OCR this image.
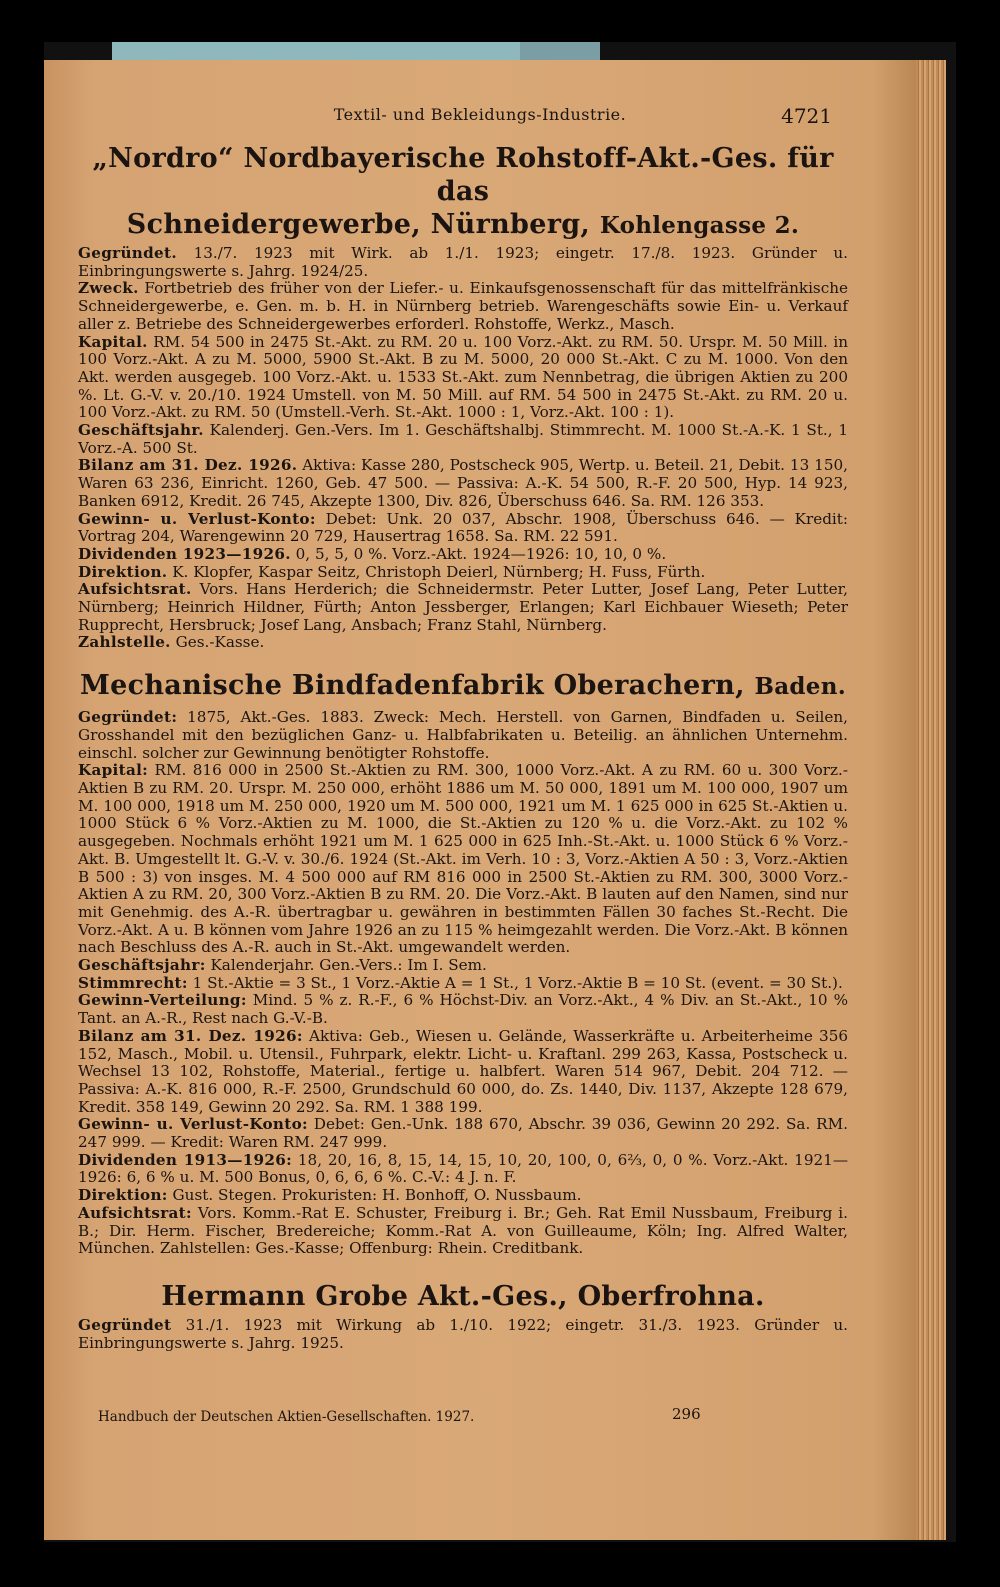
Textil- und Bekleidungs-Industrie.	4721
„Nordro“ Nordbayerische Rohstoff-Akt.-Ges. für das
Schneidergewerbe, Nürnberg, Kohlengasse 2.

Gegründet. 13./7. 1923 mit Wirk. ab 1./1. 1923; eingetr. 17./8. 1923. Gründer u. Einbringungswerte s. Jahrg. 1924/25.

Zweck. Fortbetrieb des früher von der Liefer.- u. Einkaufsgenossenschaft für das mittelfränkische Schneidergewerbe, e. Gen. m. b. H. in Nürnberg betrieb. Warengeschäfts sowie Ein- u. Verkauf aller z. Betriebe des Schneidergewerbes erforderl. Rohstoffe, Werkz., Masch.

Kapital. RM. 54 500 in 2475 St.-Akt. zu RM. 20 u. 100 Vorz.-Akt. zu RM. 50. Urspr. M. 50 Mill. in 100 Vorz.-Akt. A zu M. 5000, 5900 St.-Akt. B zu M. 5000, 20 000 St.-Akt. C zu M. 1000. Von den Akt. werden ausgegeb. 100 Vorz.-Akt. u. 1533 St.-Akt. zum Nennbetrag, die übrigen Aktien zu 200 %. Lt. G.-V. v. 20./10. 1924 Umstell. von M. 50 Mill. auf RM. 54 500 in 2475 St.-Akt. zu RM. 20 u. 100 Vorz.-Akt. zu RM. 50 (Umstell.-Verh. St.-Akt. 1000 : 1, Vorz.-Akt. 100 : 1).

Geschäftsjahr. Kalenderj. Gen.-Vers. Im 1. Geschäftshalbj. Stimmrecht. M. 1000 St.-A.-K. 1 St., 1 Vorz.-A. 500 St.

Bilanz am 31. Dez. 1926. Aktiva: Kasse 280, Postscheck 905, Wertp. u. Beteil. 21, Debit. 13 150, Waren 63 236, Einricht. 1260, Geb. 47 500. — Passiva: A.-K. 54 500, R.-F. 20 500, Hyp. 14 923, Banken 6912, Kredit. 26 745, Akzepte 1300, Div. 826, Überschuss 646. Sa. RM. 126 353.

Gewinn- u. Verlust-Konto: Debet: Unk. 20 037, Abschr. 1908, Überschuss 646. — Kredit: Vortrag 204, Warengewinn 20 729, Hausertrag 1658. Sa. RM. 22 591.

Dividenden 1923—1926. 0, 5, 5, 0 %. Vorz.-Akt. 1924—1926: 10, 10, 0 %.

Direktion. K. Klopfer, Kaspar Seitz, Christoph Deierl, Nürnberg; H. Fuss, Fürth.

Aufsichtsrat. Vors. Hans Herderich; die Schneidermstr. Peter Lutter, Josef Lang, Peter Lutter, Nürnberg; Heinrich Hildner, Fürth; Anton Jessberger, Erlangen; Karl Eichbauer Wieseth; Peter Rupprecht, Hersbruck; Josef Lang, Ansbach; Franz Stahl, Nürnberg.

Zahlstelle. Ges.-Kasse.

Mechanische Bindfadenfabrik Oberachern, Baden.

Gegründet: 1875, Akt.-Ges. 1883. Zweck: Mech. Herstell. von Garnen, Bindfaden u. Seilen, Grosshandel mit den bezüglichen Ganz- u. Halbfabrikaten u. Beteilig. an ähnlichen Unternehm. einschl. solcher zur Gewinnung benötigter Rohstoffe.

Kapital: RM. 816 000 in 2500 St.-Aktien zu RM. 300, 1000 Vorz.-Akt. A zu RM. 60 u. 300 Vorz.-Aktien B zu RM. 20. Urspr. M. 250 000, erhöht 1886 um M. 50 000, 1891 um M. 100 000, 1907 um M. 100 000, 1918 um M. 250 000, 1920 um M. 500 000, 1921 um M. 1 625 000 in 625 St.-Aktien u. 1000 Stück 6 % Vorz.-Aktien zu M. 1000, die St.-Aktien zu 120 % u. die Vorz.-Akt. zu 102 % ausgegeben. Nochmals erhöht 1921 um M. 1 625 000 in 625 Inh.-St.-Akt. u. 1000 Stück 6 % Vorz.-Akt. B. Umgestellt lt. G.-V. v. 30./6. 1924 (St.-Akt. im Verh. 10 : 3, Vorz.-Aktien A 50 : 3, Vorz.-Aktien B 500 : 3) von insges. M. 4 500 000 auf RM 816 000 in 2500 St.-Aktien zu RM. 300, 3000 Vorz.-Aktien A zu RM. 20, 300 Vorz.-Aktien B zu RM. 20. Die Vorz.-Akt. B lauten auf den Namen, sind nur mit Genehmig. des A.-R. übertragbar u. gewähren in bestimmten Fällen 30 faches St.-Recht. Die Vorz.-Akt. A u. B können vom Jahre 1926 an zu 115 % heimgezahlt werden. Die Vorz.-Akt. B können nach Beschluss des A.-R. auch in St.-Akt. umgewandelt werden.

Geschäftsjahr: Kalenderjahr. Gen.-Vers.: Im I. Sem.

Stimmrecht: 1 St.-Aktie = 3 St., 1 Vorz.-Aktie A = 1 St., 1 Vorz.-Aktie B = 10 St. (event. = 30 St.).

Gewinn-Verteilung: Mind. 5 % z. R.-F., 6 % Höchst-Div. an Vorz.-Akt., 4 % Div. an St.-Akt., 10 % Tant. an A.-R., Rest nach G.-V.-B.

Bilanz am 31. Dez. 1926: Aktiva: Geb., Wiesen u. Gelände, Wasserkräfte u. Arbeiterheime 356 152, Masch., Mobil. u. Utensil., Fuhrpark, elektr. Licht- u. Kraftanl. 299 263, Kassa, Postscheck u. Wechsel 13 102, Rohstoffe, Material., fertige u. halbfert. Waren 514 967, Debit. 204 712. — Passiva: A.-K. 816 000, R.-F. 2500, Grundschuld 60 000, do. Zs. 1440, Div. 1137, Akzepte 128 679, Kredit. 358 149, Gewinn 20 292. Sa. RM. 1 388 199.

Gewinn- u. Verlust-Konto: Debet: Gen.-Unk. 188 670, Abschr. 39 036, Gewinn 20 292. Sa. RM. 247 999. — Kredit: Waren RM. 247 999.

Dividenden 1913—1926: 18, 20, 16, 8, 15, 14, 15, 10, 20, 100, 0, 6⅔, 0, 0 %. Vorz.-Akt. 1921—1926: 6, 6 % u. M. 500 Bonus, 0, 6, 6, 6 %. C.-V.: 4 J. n. F.

Direktion: Gust. Stegen. Prokuristen: H. Bonhoff, O. Nussbaum.

Aufsichtsrat: Vors. Komm.-Rat E. Schuster, Freiburg i. Br.; Geh. Rat Emil Nussbaum, Freiburg i. B.; Dir. Herm. Fischer, Bredereiche; Komm.-Rat A. von Guilleaume, Köln; Ing. Alfred Walter, München. Zahlstellen: Ges.-Kasse; Offenburg: Rhein. Creditbank.

Hermann Grobe Akt.-Ges., Oberfrohna.

Gegründet 31./1. 1923 mit Wirkung ab 1./10. 1922; eingetr. 31./3. 1923. Gründer u. Einbringungswerte s. Jahrg. 1925.

Handbuch der Deutschen Aktien-Gesellschaften. 1927.	296
